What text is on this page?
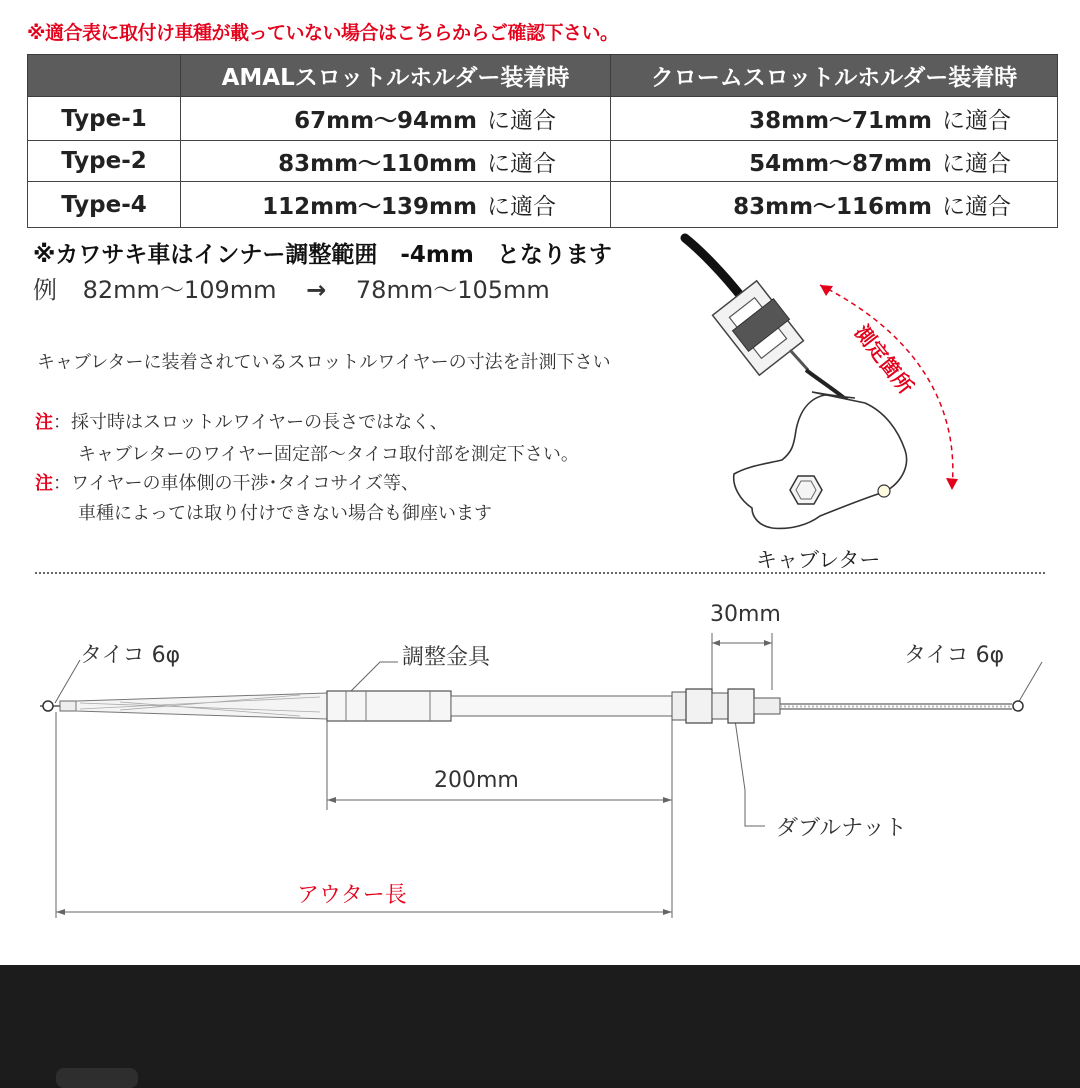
※適合表に取付け車種が載っていない場合はこちらからご確認下さい。
	AMALスロットルホルダー装着時	クロームスロットルホルダー装着時
Type-1	67mm〜94mm に適合	38mm〜71mm に適合
Type-2	83mm〜110mm に適合	54mm〜87mm に適合
Type-4	112mm〜139mm に適合	83mm〜116mm に適合
※カワサキ車はインナー調整範囲　-4mm　となります
例 82mm〜109mm → 78mm〜105mm
キャブレターに装着されているスロットルワイヤーの寸法を計測下さい
注：採寸時はスロットルワイヤーの長さではなく、
キャブレターのワイヤー固定部〜タイコ取付部を測定下さい。
注：ワイヤーの車体側の干渉･タイコサイズ等、
車種によっては取り付けできない場合も御座います
測定箇所
キャブレター
タイコ 6φ	タイコ 6φ
調整金具
30mm
200mm
ダブルナット
アウター長
